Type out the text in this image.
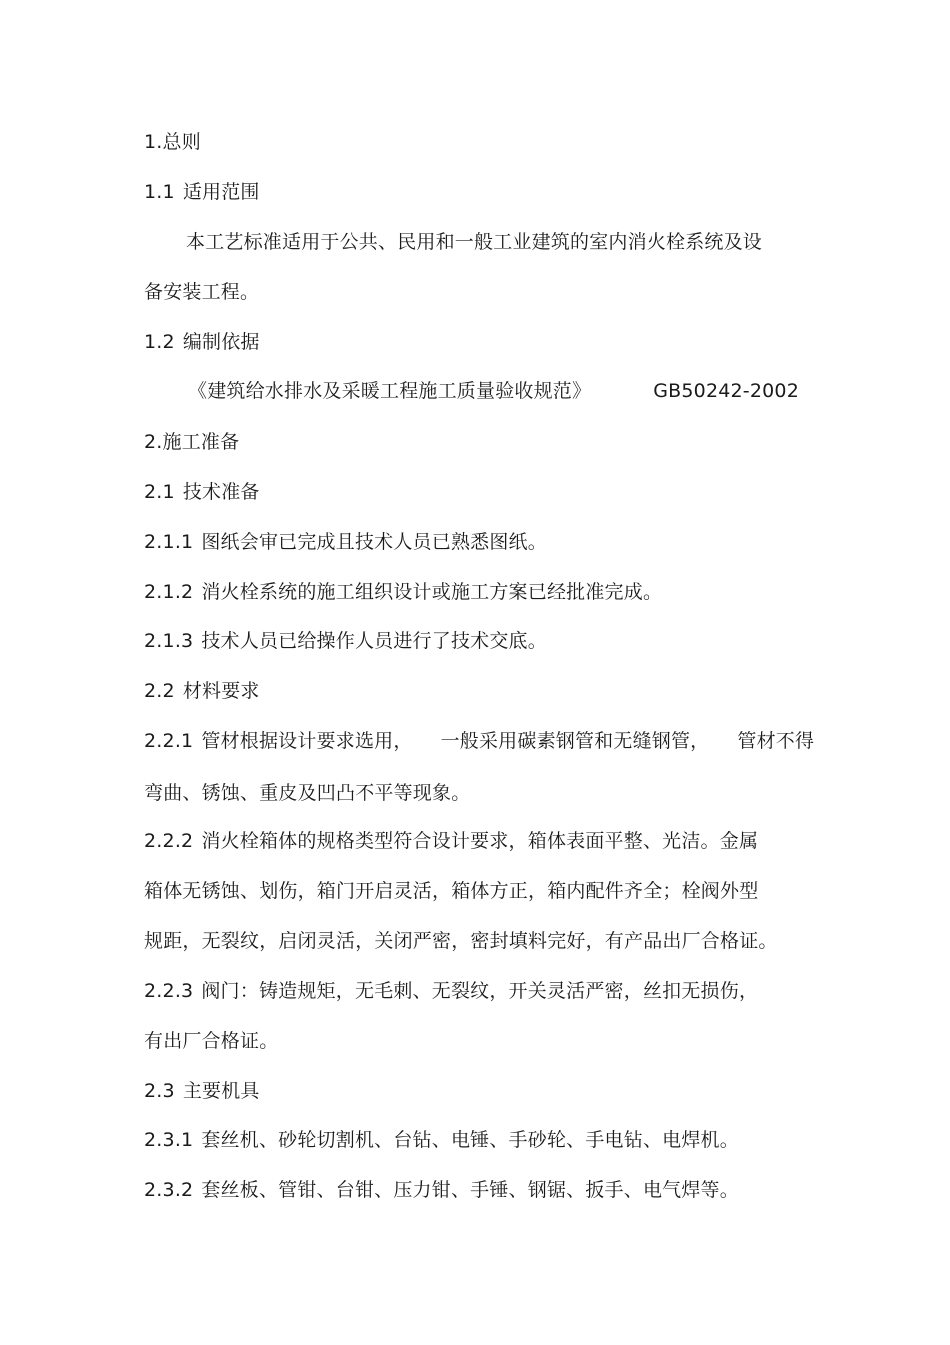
1.总则
1.1 适用范围
本工艺标准适用于公共、民用和一般工业建筑的室内消火栓系统及设
备安装工程。
1.2 编制依据
《建筑给水排水及采暖工程施工质量验收规范》	GB50242-2002
2.施工准备
2.1 技术准备
2.1.1 图纸会审已完成且技术人员已熟悉图纸。
2.1.2 消火栓系统的施工组织设计或施工方案已经批准完成。
2.1.3 技术人员已给操作人员进行了技术交底。
2.2 材料要求
2.2.1 管材根据设计要求选用， 一般采用碳素钢管和无缝钢管， 管材不得
弯曲、锈蚀、重皮及凹凸不平等现象。
2.2.2 消火栓箱体的规格类型符合设计要求，箱体表面平整、光洁。金属
箱体无锈蚀、划伤，箱门开启灵活，箱体方正，箱内配件齐全；栓阀外型
规距，无裂纹，启闭灵活，关闭严密，密封填料完好，有产品出厂合格证。
2.2.3 阀门：铸造规矩，无毛刺、无裂纹，开关灵活严密，丝扣无损伤，
有出厂合格证。
2.3 主要机具
2.3.1 套丝机、砂轮切割机、台钻、电锤、手砂轮、手电钻、电焊机。
2.3.2 套丝板、管钳、台钳、压力钳、手锤、钢锯、扳手、电气焊等。
